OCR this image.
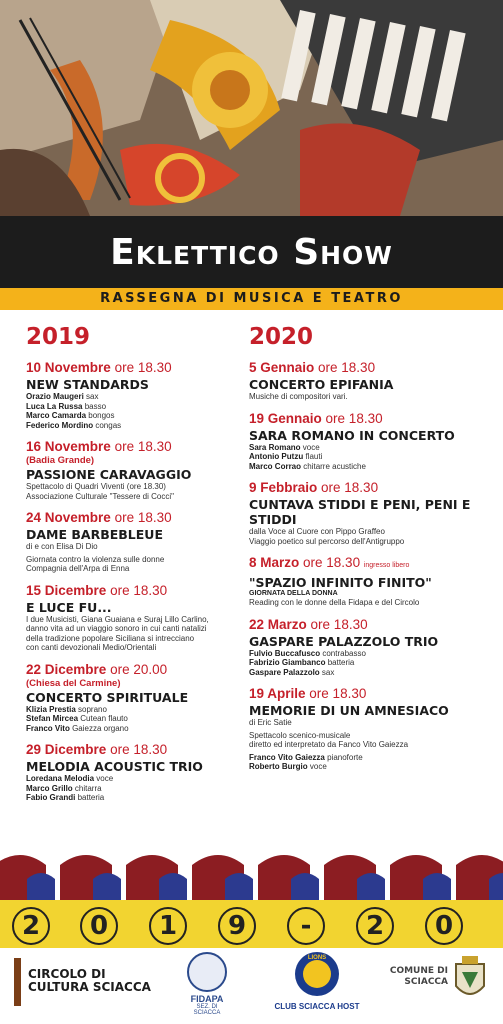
Eklettico Show
RASSEGNA DI MUSICA E TEATRO
2019
10 Novembre ore 18.30
NEW STANDARDS
Orazio Maugeri sax
Luca La Russa basso
Marco Camarda bongos
Federico Mordino congas
16 Novembre ore 18.30
(Badia Grande)
PASSIONE CARAVAGGIO
Spettacolo di Quadri Viventi (ore 18.30)
Associazione Culturale "Tessere di Cocci"
24 Novembre ore 18.30
DAME BARBEBLEUE
di e con Elisa Di Dio
Giornata contro la violenza sulle donne
Compagnia dell'Arpa di Enna
15 Dicembre ore 18.30
E LUCE FU...
I due Musicisti, Giana Guaiana e Suraj Lillo Carlino,
danno vita ad un viaggio sonoro in cui canti natalizi
della tradizione popolare Siciliana si intrecciano
con canti devozionali Medio/Orientali
22 Dicembre ore 20.00
(Chiesa del Carmine)
CONCERTO SPIRITUALE
Klizia Prestia soprano
Stefan Mircea Cutean flauto
Franco Vito Gaiezza organo
29 Dicembre ore 18.30
MELODIA ACOUSTIC TRIO
Loredana Melodia voce
Marco Grillo chitarra
Fabio Grandi batteria
2020
5 Gennaio ore 18.30
CONCERTO EPIFANIA
Musiche di compositori vari.
19 Gennaio ore 18.30
SARA ROMANO IN CONCERTO
Sara Romano voce
Antonio Putzu flauti
Marco Corrao chitarre acustiche
9 Febbraio ore 18.30
CUNTAVA STIDDI E PENI, PENI E STIDDI
dalla Voce al Cuore con Pippo Graffeo
Viaggio poetico sul percorso dell'Antigruppo
8 Marzo ore 18.30 ingresso libero
"SPAZIO INFINITO FINITO"
GIORNATA DELLA DONNA
Reading con le donne della Fidapa e del Circolo
22 Marzo ore 18.30
GASPARE PALAZZOLO TRIO
Fulvio Buccafusco contrabasso
Fabrizio Giambanco batteria
Gaspare Palazzolo sax
19 Aprile ore 18.30
MEMORIE DI UN AMNESIACO
di Eric Satie
Spettacolo scenico-musicale
diretto ed interpretato da Fanco Vito Gaiezza
Franco Vito Gaiezza pianoforte
Roberto Burgio voce
2	0	1	9	-	2	0
CIRCOLO DI CULTURA SCIACCA
FIDAPA
SEZ. DI SCIACCA
LIONS
CLUB SCIACCA HOST
COMUNE DI SCIACCA
